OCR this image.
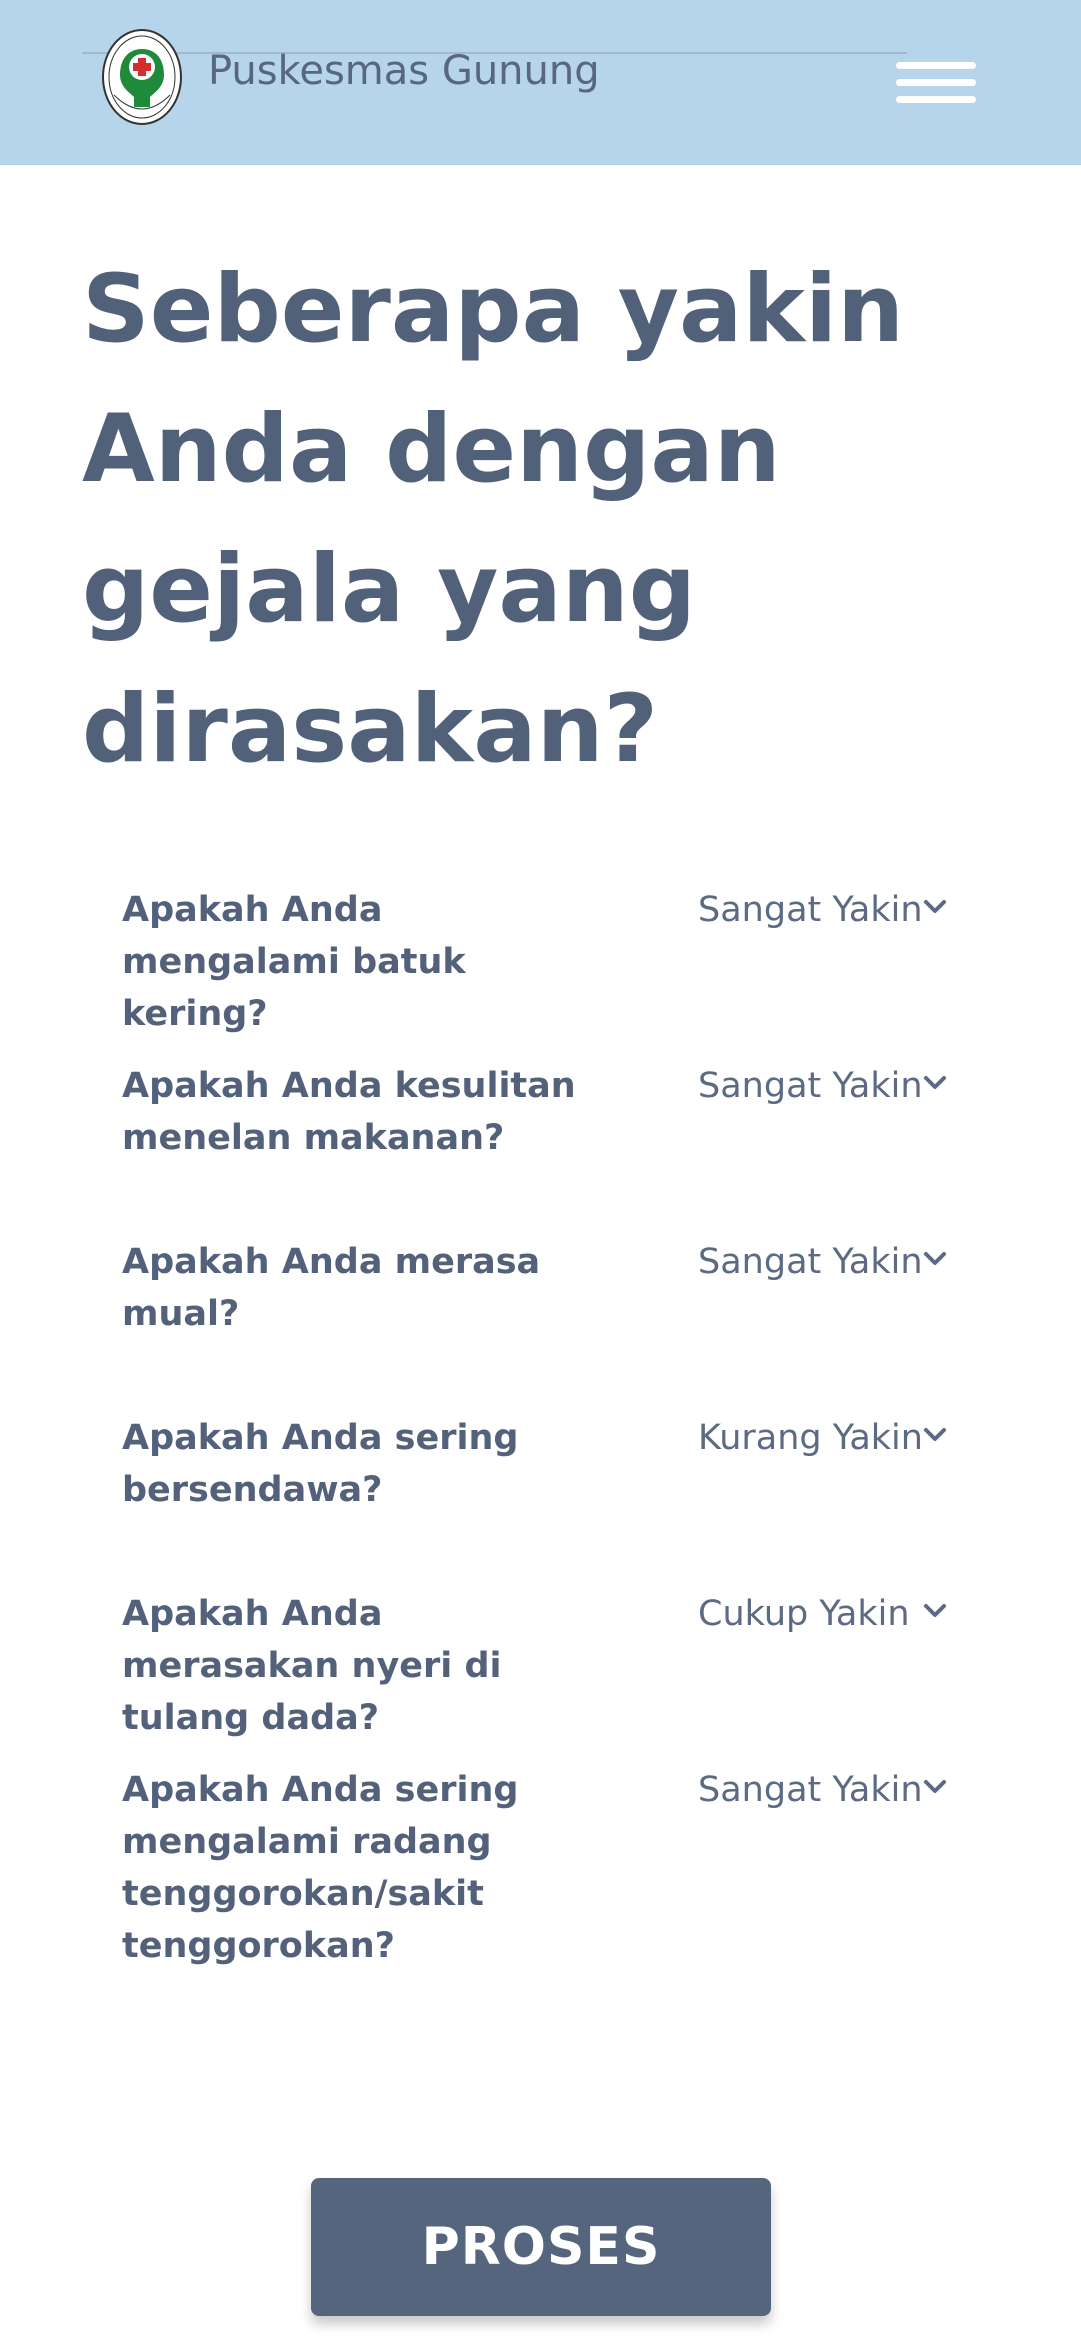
Puskesmas Gunung
Seberapa yakin Anda dengan gejala yang dirasakan?
Apakah Anda mengalami batuk kering?
Sangat Yakin
Apakah Anda kesulitan menelan makanan?
Sangat Yakin
Apakah Anda merasa mual?
Sangat Yakin
Apakah Anda sering bersendawa?
Kurang Yakin
Apakah Anda merasakan nyeri di tulang dada?
Cukup Yakin
Apakah Anda sering mengalami radang tenggorokan/sakit tenggorokan?
Sangat Yakin
PROSES
